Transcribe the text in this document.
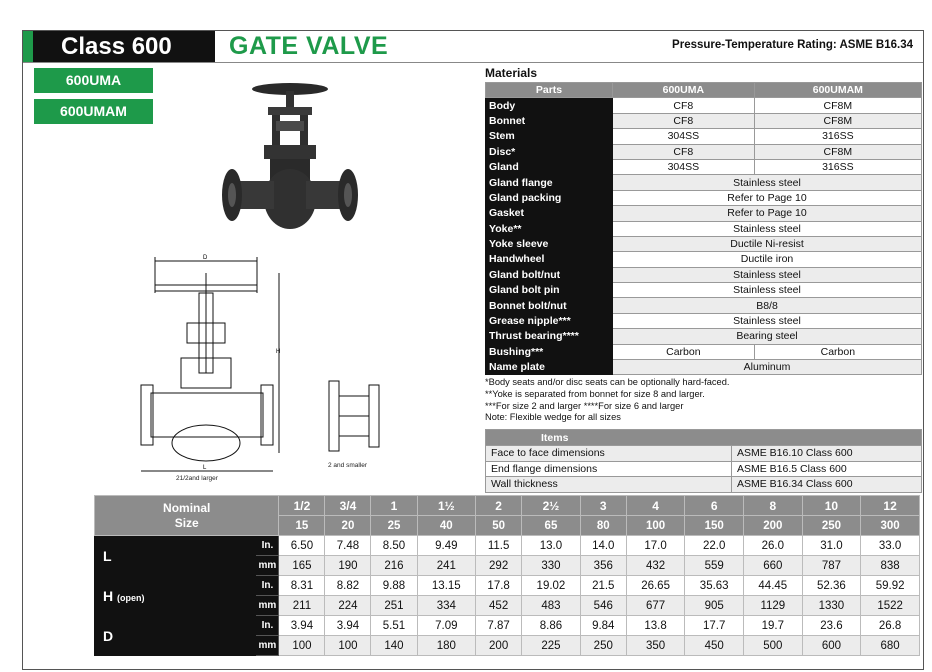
Class 600	GATE VALVE	Pressure-Temperature Rating: ASME B16.34
600UMA
600UMAM
D
H
L
21/2and larger
2 and smaller
Materials
Parts	600UMA	600UMAM
Body	CF8	CF8M
Bonnet	CF8	CF8M
Stem	304SS	316SS
Disc*	CF8	CF8M
Gland	304SS	316SS
Gland flange	Stainless steel	
Gland packing	Refer to Page 10	
Gasket	Refer to Page 10	
Yoke**	Stainless steel	
Yoke sleeve	Ductile Ni-resist	
Handwheel	Ductile iron	
Gland bolt/nut	Stainless steel	
Gland bolt pin	Stainless steel	
Bonnet bolt/nut	B8/8	
Grease nipple***	Stainless steel	
Thrust bearing****	Bearing steel	
Bushing***	Carbon	Carbon
Name plate	Aluminum	
*Body seats and/or disc seats can be optionally hard-faced.
**Yoke is separated from bonnet for size 8 and larger.
***For size 2 and larger ****For size 6 and larger
Note: Flexible wedge for all sizes
Items	
Face to face dimensions	ASME B16.10 Class 600
End flange dimensions	ASME B16.5 Class 600
Wall thickness	ASME B16.34 Class 600
Nominal
Size		1/2	3/4	1	1½	2	2½	3	4	6	8	10	12
		15	20	25	40	50	65	80	100	150	200	250	300
L	In.	6.50	7.48	8.50	9.49	11.5	13.0	14.0	17.0	22.0	26.0	31.0	33.0
	mm	165	190	216	241	292	330	356	432	559	660	787	838
H (open)	In.	8.31	8.82	9.88	13.15	17.8	19.02	21.5	26.65	35.63	44.45	52.36	59.92
	mm	211	224	251	334	452	483	546	677	905	1129	1330	1522
D	In.	3.94	3.94	5.51	7.09	7.87	8.86	9.84	13.8	17.7	19.7	23.6	26.8
	mm	100	100	140	180	200	225	250	350	450	500	600	680
